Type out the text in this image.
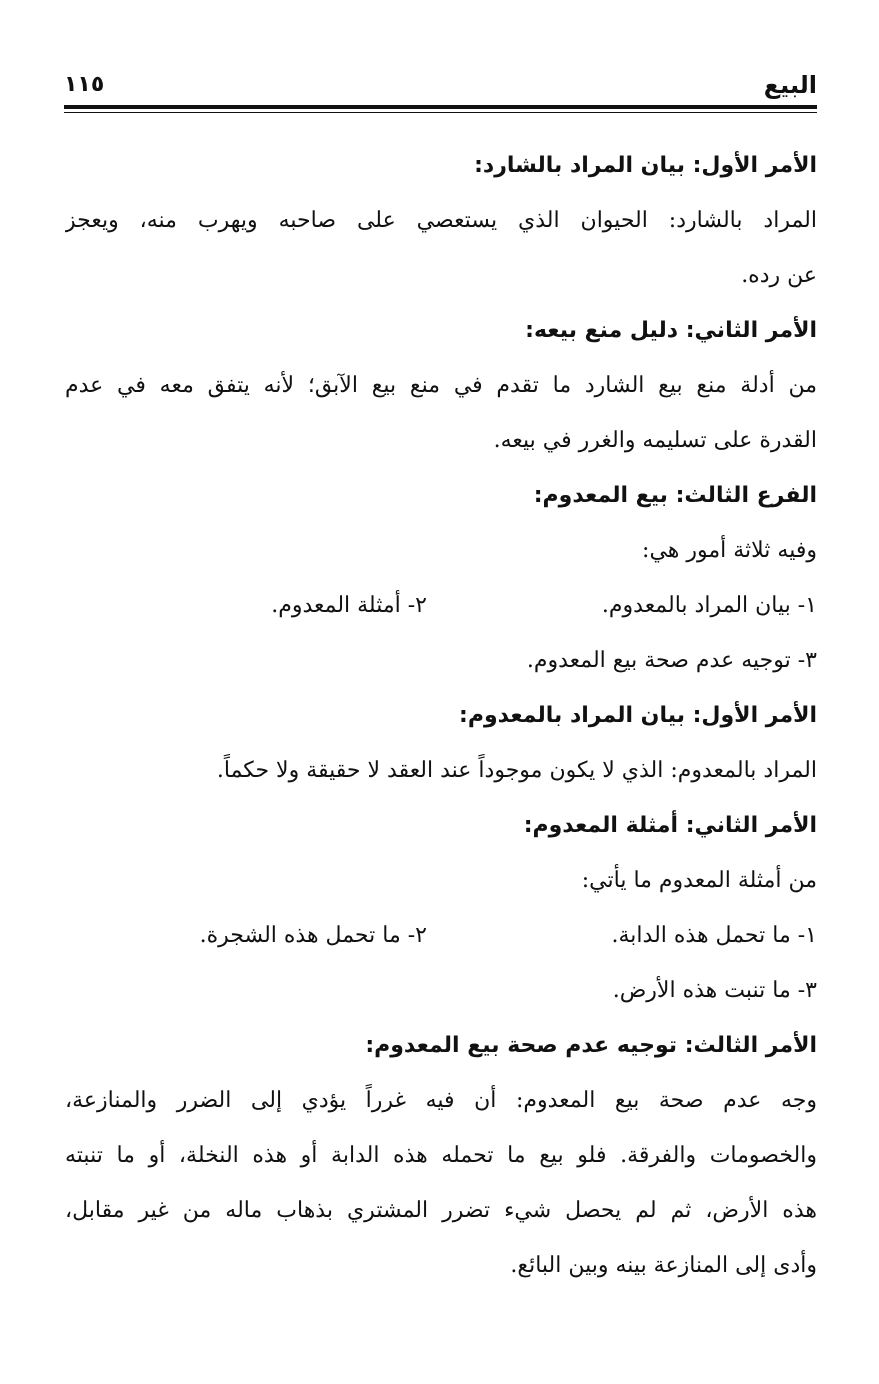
البيع
١١٥
الأمر الأول: بيان المراد بالشارد:
المراد بالشارد: الحيوان الذي يستعصي على صاحبه ويهرب منه، ويعجز
عن رده.
الأمر الثاني: دليل منع بيعه:
من أدلة منع بيع الشارد ما تقدم في منع بيع الآبق؛ لأنه يتفق معه في عدم
القدرة على تسليمه والغرر في بيعه.
الفرع الثالث: بيع المعدوم:
وفيه ثلاثة أمور هي:
١- بيان المراد بالمعدوم.
٢- أمثلة المعدوم.
٣- توجيه عدم صحة بيع المعدوم.
الأمر الأول: بيان المراد بالمعدوم:
المراد بالمعدوم: الذي لا يكون موجوداً عند العقد لا حقيقة ولا حكماً.
الأمر الثاني: أمثلة المعدوم:
من أمثلة المعدوم ما يأتي:
١- ما تحمل هذه الدابة.
٢- ما تحمل هذه الشجرة.
٣- ما تنبت هذه الأرض.
الأمر الثالث: توجيه عدم صحة بيع المعدوم:
وجه عدم صحة بيع المعدوم: أن فيه غرراً يؤدي إلى الضرر والمنازعة،
والخصومات والفرقة. فلو بيع ما تحمله هذه الدابة أو هذه النخلة، أو ما تنبته
هذه الأرض، ثم لم يحصل شيء تضرر المشتري بذهاب ماله من غير مقابل،
وأدى إلى المنازعة بينه وبين البائع.
